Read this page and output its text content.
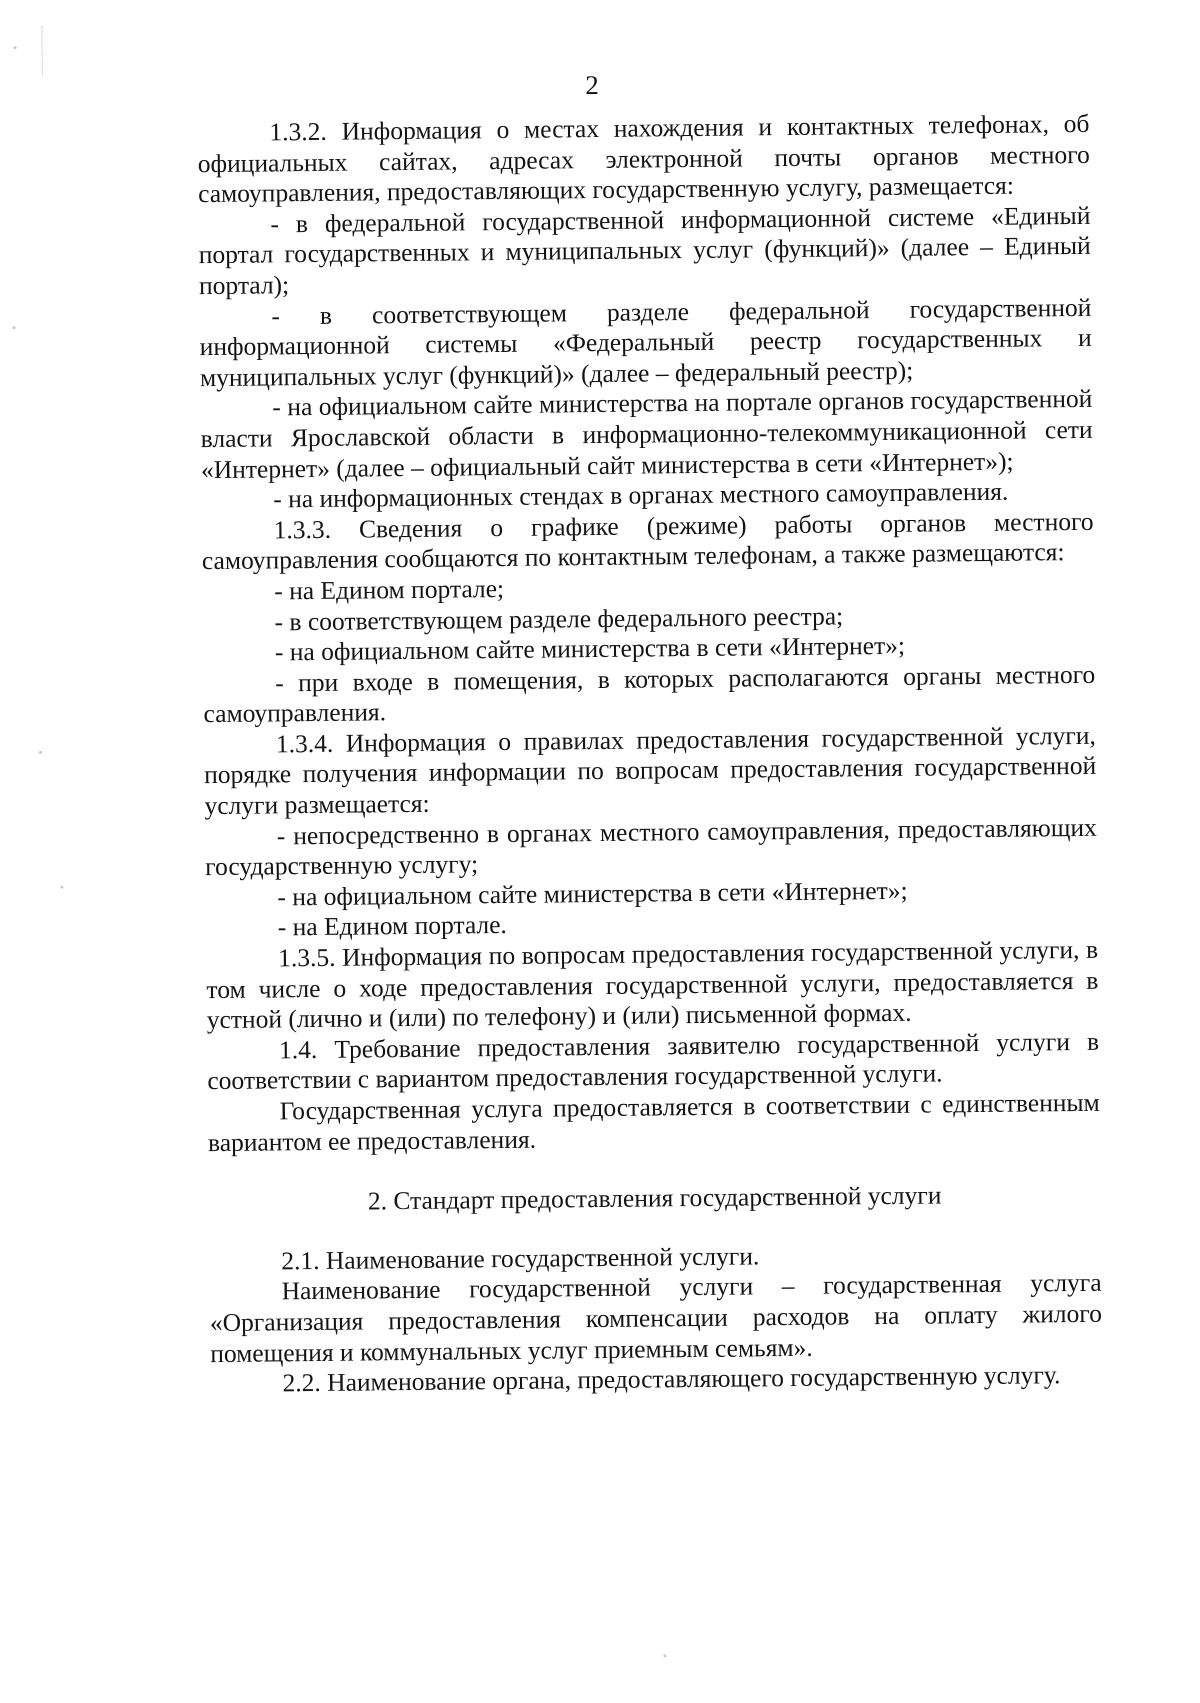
2

1.3.2. Информация о местах нахождения и контактных телефонах, об официальных сайтах, адресах электронной почты органов местного самоуправления, предоставляющих государственную услугу, размещается:

- в федеральной государственной информационной системе «Единый портал государственных и муниципальных услуг (функций)» (далее – Единый портал);

- в соответствующем разделе федеральной государственной информационной системы «Федеральный реестр государственных и муниципальных услуг (функций)» (далее – федеральный реестр);

- на официальном сайте министерства на портале органов государственной власти Ярославской области в информационно-телекоммуникационной сети «Интернет» (далее – официальный сайт министерства в сети «Интернет»);

- на информационных стендах в органах местного самоуправления.

1.3.3. Сведения о графике (режиме) работы органов местного самоуправления сообщаются по контактным телефонам, а также размещаются:

- на Едином портале;

- в соответствующем разделе федерального реестра;

- на официальном сайте министерства в сети «Интернет»;

- при входе в помещения, в которых располагаются органы местного самоуправления.

1.3.4. Информация о правилах предоставления государственной услуги, порядке получения информации по вопросам предоставления государственной услуги размещается:

- непосредственно в органах местного самоуправления, предоставляющих государственную услугу;

- на официальном сайте министерства в сети «Интернет»;

- на Едином портале.

1.3.5. Информация по вопросам предоставления государственной услуги, в том числе о ходе предоставления государственной услуги, предоставляется в устной (лично и (или) по телефону) и (или) письменной формах.

1.4. Требование предоставления заявителю государственной услуги в соответствии с вариантом предоставления государственной услуги.

Государственная услуга предоставляется в соответствии с единственным вариантом ее предоставления.

2. Стандарт предоставления государственной услуги

2.1. Наименование государственной услуги.

Наименование государственной услуги – государственная услуга «Организация предоставления компенсации расходов на оплату жилого помещения и коммунальных услуг приемным семьям».

2.2. Наименование органа, предоставляющего государственную услугу.
